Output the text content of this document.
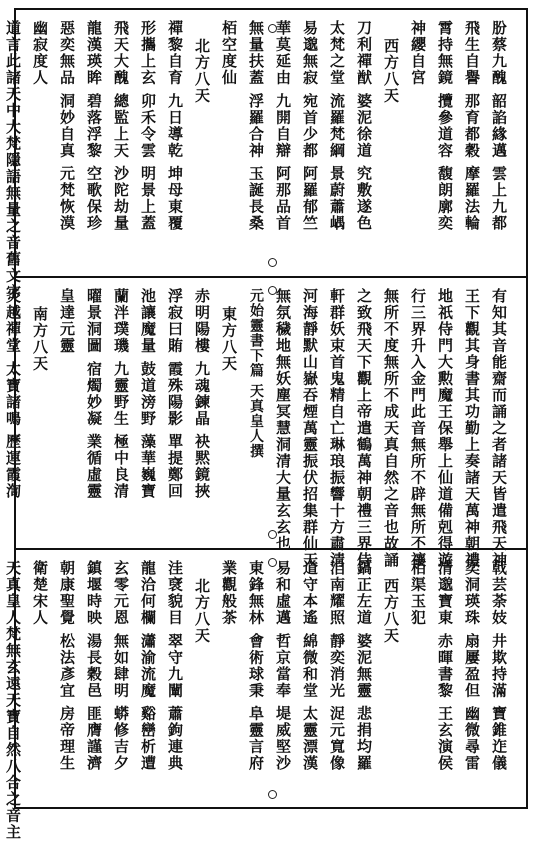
朌蔡九醜 韶諂緣邁 雲上九都
飛生自譽 那育都穀 摩羅法輪
霄持無鏡 攬參道容 馥朗廓奕
神纓自宮
西方八天
刀利禪猷 婆泥徐道 究敷遂色
太梵之堂 流羅梵綱 景蔚蕭嵎
易邈無寂 宛首少都 阿羅郁竺
華莫延由 九開自辯 阿那品首
無量扶蓋 浮羅合神 玉誕長桑
栢空度仙
北方八天
禪黎自育 九日導乾 坤母東覆
形攜上玄 卯禾令雲 明景上蓋
飛天大醜 總監上天 沙陀劫量
龍漢瑛眸 碧落浮黎 空歌保珍
惡奕無品 洞妙自真 元梵恢漠
幽寂度人
道言此諸天中大梵隱語無量之音舊文字
有知其音能齋而誦之者諸天皆遣飛天神
王下觀其身書其功勤上奏諸天萬神朝禮
地祇侍門大勲魔王保舉上仙道備剋得遊
行三界升入金門此音無所不辟無所不禳
無所不度無所不成天真自然之音也故誦
之致飛天下觀上帝遣鶴萬神朝禮三界侍
軒群妖束首鬼精自亡琳琅振響十方肅清
河海靜默山嶽吞煙萬靈振伏招集群仙天
無氛穢地無妖塵冥慧洞清大量玄玄也
元始靈書下篇 天真皇人撰
東方八天
赤明陽樓 九魂鍊晶 袂黙鏡挾
浮寂曰賄 霞殊陽影 單提鄭回
池讓魔量 鼓道滂野 藻華巍寶
蘭泮璞璣 九靈野生 極中良清
曜景洞圖 宿燭妙凝 業循虛靈
皇達元靈
南方八天
炎越禪堂 太寶諸鳴 歷運霞渹
戟芸荼妓 井欺持滿 寶錐迮儀
奕洞瑛珠 扇屢盈但 幽微尋雷
清邈寶東 赤暉書黎 王玄演侯
栢渠玉犯
西方八天
鎬正左道 婆泥無靈 悲捐均羅
洎南耀照 靜奕消光 浞元寬像
道守本遙 綿微和堂 太靈漂漢
易和虛邁 哲京當奉 堤威堅沙
東鋒無林 會術球秉 阜靈言府
業觀般茶
北方八天
洼裦貌目 翠守九闡 蕭鉤連典
龍洽何欄 瀟渝流魔 谿巒析遭
玄零元恩 無如肆明 蟒修吉夕
鎮堰時映 湯長穀邑 匪膺謹濟
朝康聖覺 松法彥宜 房帝理生
衛楚宋人
天真皇人梵無玄遠天寶自然八合之音主
